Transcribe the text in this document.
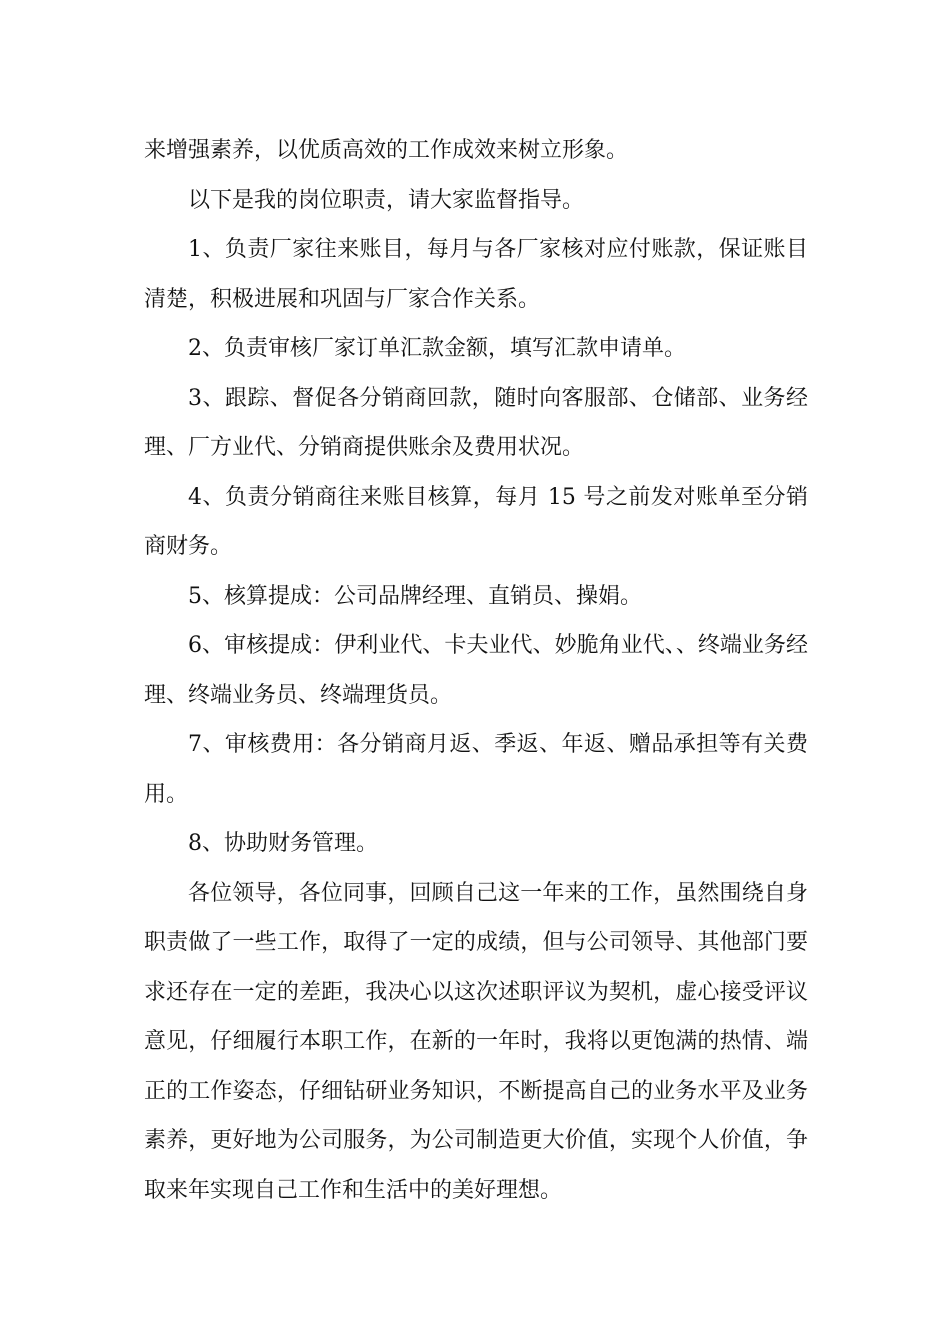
来增强素养，以优质高效的工作成效来树立形象。

以下是我的岗位职责，请大家监督指导。

1、负责厂家往来账目，每月与各厂家核对应付账款，保证账目清楚，积极进展和巩固与厂家合作关系。

2、负责审核厂家订单汇款金额，填写汇款申请单。

3、跟踪、督促各分销商回款，随时向客服部、仓储部、业务经理、厂方业代、分销商提供账余及费用状况。

4、负责分销商往来账目核算，每月 15 号之前发对账单至分销商财务。

5、核算提成：公司品牌经理、直销员、操娟。

6、审核提成：伊利业代、卡夫业代、妙脆角业代、、终端业务经理、终端业务员、终端理货员。

7、审核费用：各分销商月返、季返、年返、赠品承担等有关费用。

8、协助财务管理。

各位领导，各位同事，回顾自己这一年来的工作，虽然围绕自身职责做了一些工作，取得了一定的成绩，但与公司领导、其他部门要求还存在一定的差距，我决心以这次述职评议为契机，虚心接受评议意见，仔细履行本职工作，在新的一年时，我将以更饱满的热情、端正的工作姿态，仔细钻研业务知识，不断提高自己的业务水平及业务素养，更好地为公司服务，为公司制造更大价值，实现个人价值，争取来年实现自己工作和生活中的美好理想。
